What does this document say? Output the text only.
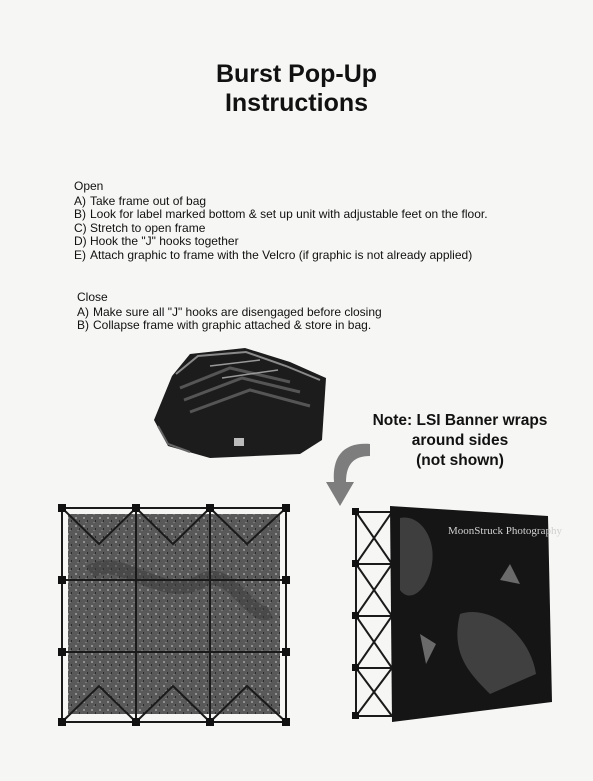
Burst Pop-Up
Instructions
Open
A) Take frame out of bag
B) Look for label marked bottom & set up unit with adjustable feet on the floor.
C) Stretch to open frame
D) Hook the "J" hooks together
E) Attach graphic to frame with the Velcro (if graphic is not already applied)
Close
A) Make sure all "J" hooks are disengaged before closing
B) Collapse frame with graphic attached & store in bag.
MoonStruck Photography
Note: LSI Banner wraps
around sides
(not shown)
